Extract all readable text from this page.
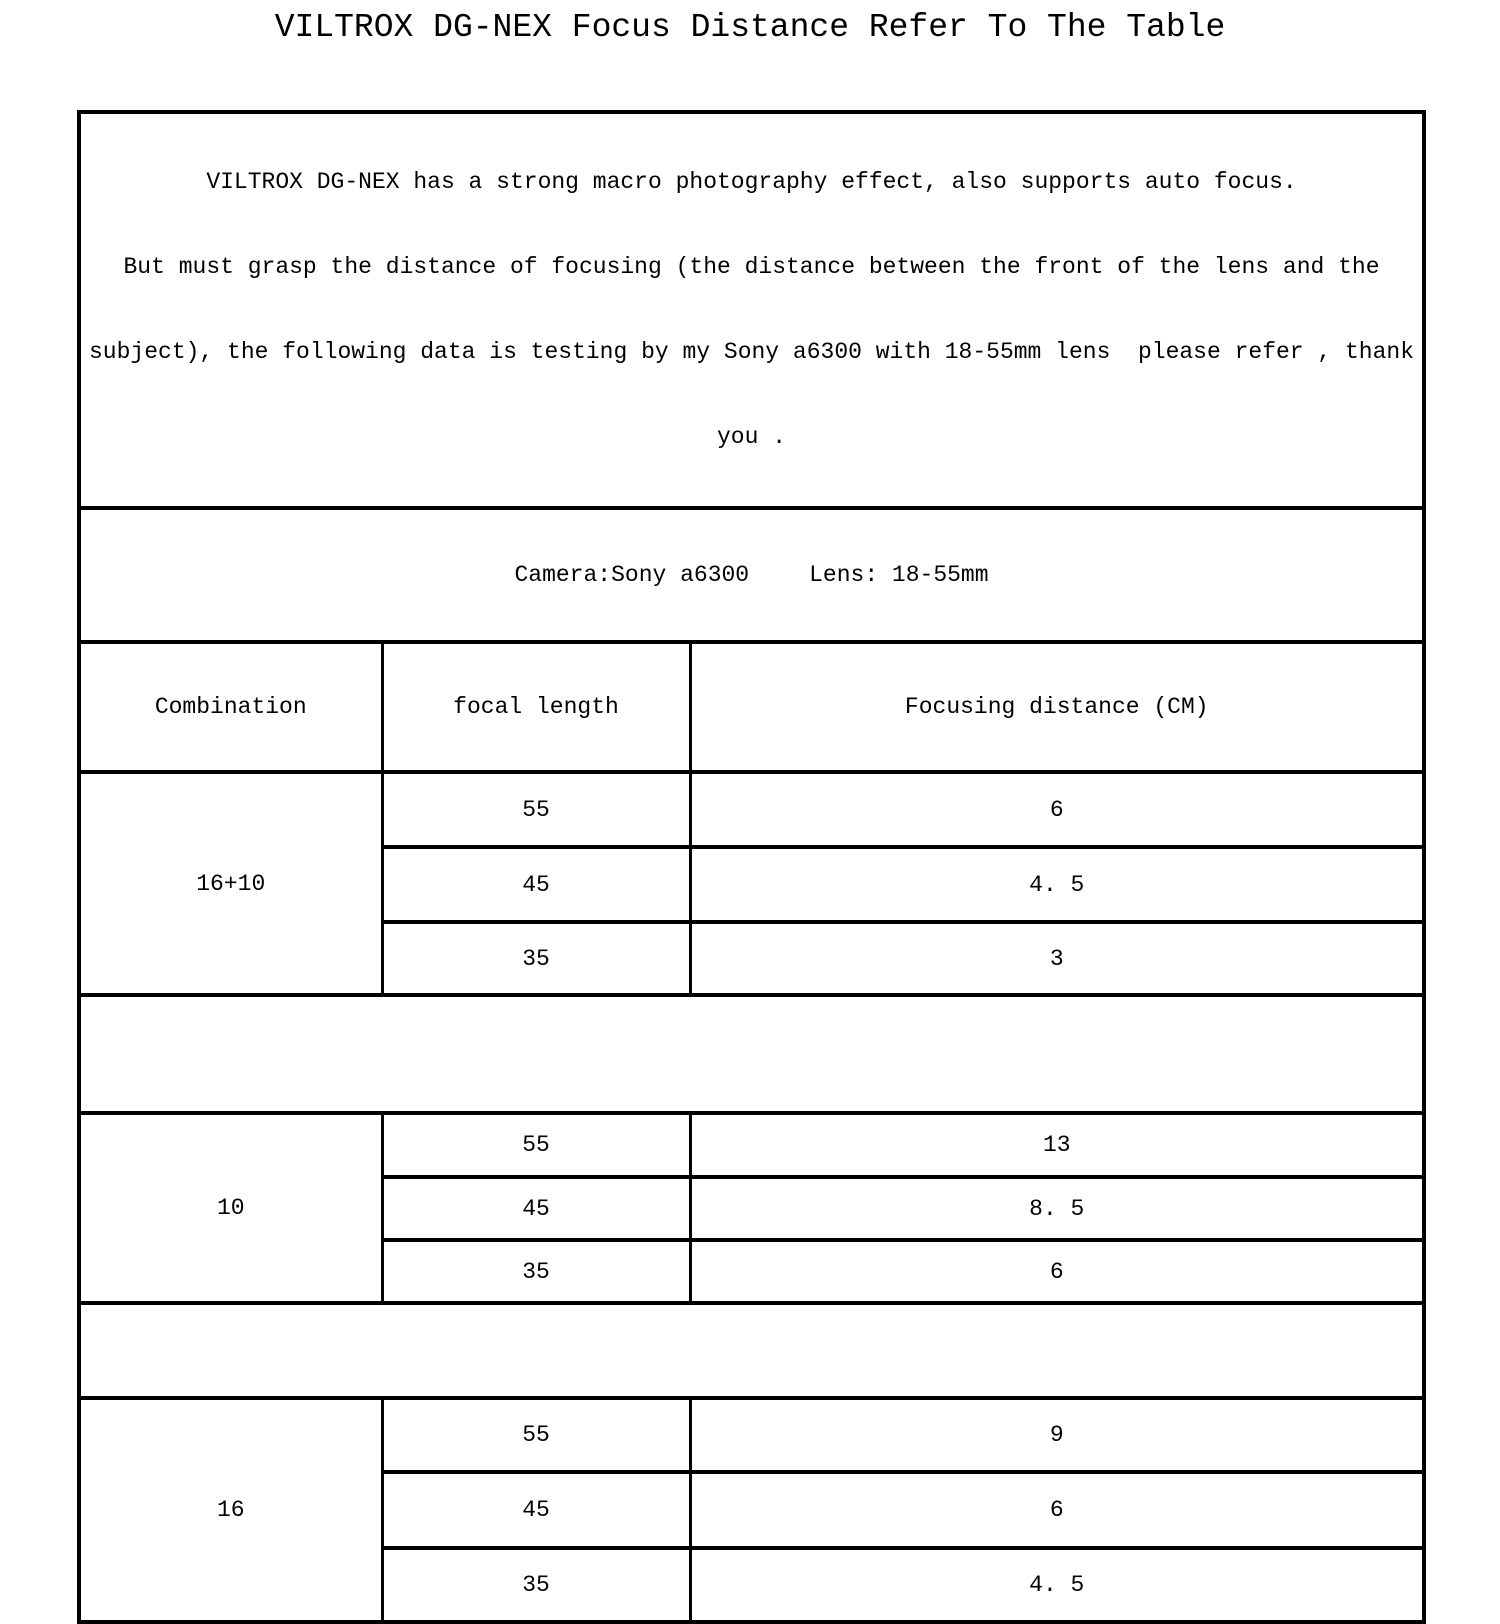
VILTROX DG-NEX Focus Distance Refer To The Table

VILTROX DG-NEX has a strong macro photography effect, also supports auto focus.

But must grasp the distance of focusing (the distance between the front of the lens and the

subject), the following data is testing by my Sony a6300 with 18-55mm lens  please refer , thank

you .		

Camera:Sony a6300 Lens: 18-55mm		

Combination	focal length	Focusing distance (CM)
16+10	55	6
	45	4. 5
	35	3

10	55	13
	45	8. 5
	35	6

16	55	9
	45	6
	35	4. 5
